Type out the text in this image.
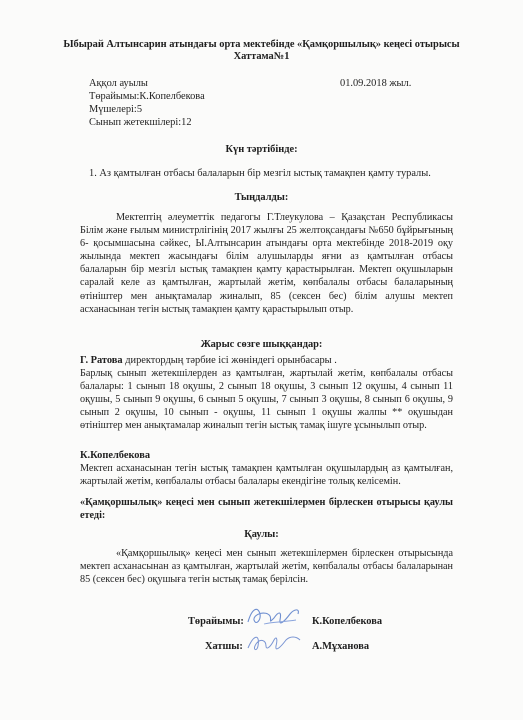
Ыбырай Алтынсарин атындағы орта мектебінде «Қамқоршылық» кеңесі отырысы
Хаттама№1
Аққол ауылы	01.09.2018 жыл.
Төрайымы:К.Копелбекова
Мүшелері:5
Сынып жетекшілері:12
Күн тәртібінде:
1. Аз қамтылған отбасы балаларын бір мезгіл ыстық тамақпен қамту туралы.
Тыңдалды:
Мектептің әлеуметтік педагогы Г.Тлеукулова – Қазақстан Республикасы Білім және ғылым министрлігінің 2017 жылғы 25 желтоқсандағы №650 бұйрығының 6- қосымшасына сәйкес, Ы.Алтынсарин атындағы орта мектебінде 2018-2019 оқу жылында мектеп жасындағы білім алушыларды яғни аз қамтылған отбасы балаларын бір мезгіл ыстық тамақпен қамту қарастырылған. Мектеп оқушыларын саралай келе аз қамтылған, жартылай жетім, көпбалалы отбасы балаларының өтініштер мен анықтамалар жиналып, 85 (сексен бес) білім алушы мектеп асханасынан тегін ыстық тамақпен қамту қарастырылып отыр.
Жарыс сөзге шыққандар:
Г. Ратова директордың тәрбие ісі жөніндегі орынбасары .
Барлық сынып жетекшілерден аз қамтылған, жартылай жетім, көпбалалы отбасы балалары: 1 сынып 18 оқушы, 2 сынып 18 оқушы, 3 сынып 12 оқушы, 4 сынып 11 оқушы, 5 сынып 9 оқушы, 6 сынып 5 оқушы, 7 сынып 3 оқушы, 8 сынып 6 оқушы, 9 сынып 2 оқушы, 10 сынып - оқушы, 11 сынып 1 оқушы жалпы ** оқушыдан өтініштер мен анықтамалар жиналып тегін ыстық тамақ ішуге ұсынылып отыр.
К.Копелбекова
Мектеп асханасынан тегін ыстық тамақпен қамтылған оқушылардың аз қамтылған, жартылай жетім, көпбалалы отбасы балалары екендігіне толық келісемін.
«Қамқоршылық» кеңесі мен сынып жетекшілермен бірлескен отырысы қаулы етеді:
Қаулы:
«Қамқоршылық» кеңесі мен сынып жетекшілермен бірлескен отырысында мектеп асханасынан аз қамтылған, жартылай жетім, көпбалалы отбасы балаларынан 85 (сексен бес) оқушыға тегін ыстық тамақ берілсін.
Төрайымы:	К.Копелбекова
Хатшы:	А.Мұханова
